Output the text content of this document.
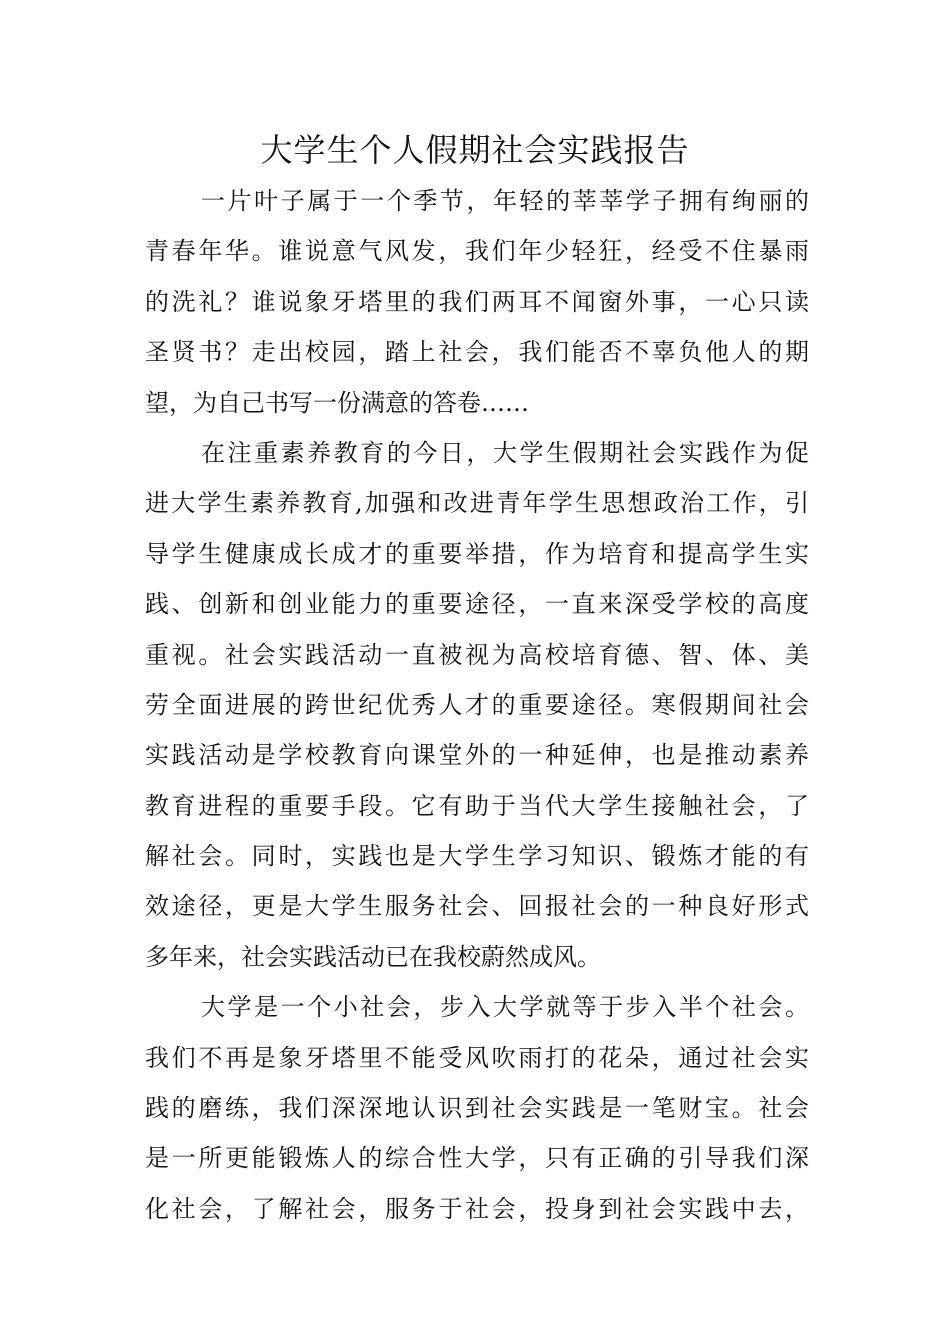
大学生个人假期社会实践报告
一片叶子属于一个季节，年轻的莘莘学子拥有绚丽的
青春年华。谁说意气风发，我们年少轻狂，经受不住暴雨
的洗礼？谁说象牙塔里的我们两耳不闻窗外事，一心只读
圣贤书？走出校园，踏上社会，我们能否不辜负他人的期
望，为自己书写一份满意的答卷……
在注重素养教育的今日，大学生假期社会实践作为促
进大学生素养教育,加强和改进青年学生思想政治工作，引
导学生健康成长成才的重要举措，作为培育和提高学生实
践、创新和创业能力的重要途径，一直来深受学校的高度
重视。社会实践活动一直被视为高校培育德、智、体、美
劳全面进展的跨世纪优秀人才的重要途径。寒假期间社会
实践活动是学校教育向课堂外的一种延伸，也是推动素养
教育进程的重要手段。它有助于当代大学生接触社会，了
解社会。同时，实践也是大学生学习知识、锻炼才能的有
效途径，更是大学生服务社会、回报社会的一种良好形式
多年来，社会实践活动已在我校蔚然成风。
大学是一个小社会，步入大学就等于步入半个社会。
我们不再是象牙塔里不能受风吹雨打的花朵，通过社会实
践的磨练，我们深深地认识到社会实践是一笔财宝。社会
是一所更能锻炼人的综合性大学，只有正确的引导我们深
化社会，了解社会，服务于社会，投身到社会实践中去，
